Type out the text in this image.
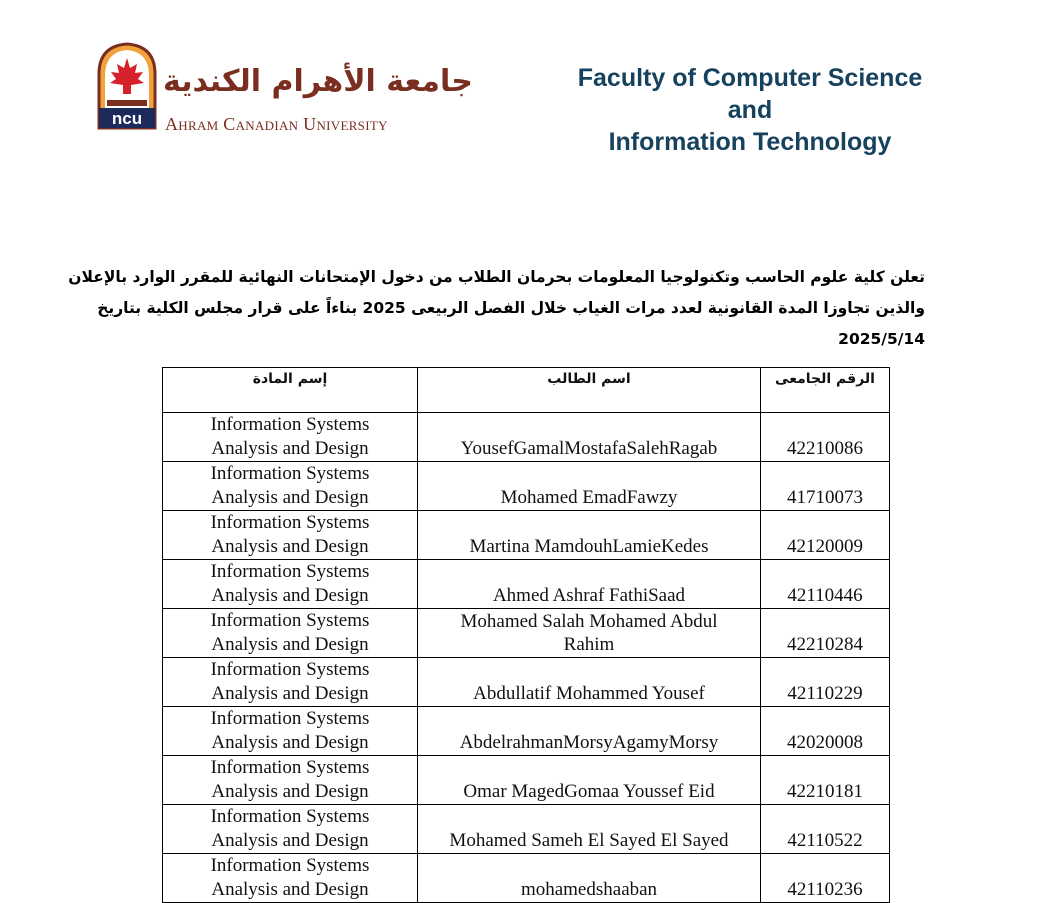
ncu
جامعة الأهرام الكندية
Ahram Canadian University
Faculty of Computer Science
and
Information Technology

تعلن كلية علوم الحاسب وتكنولوجيا المعلومات بحرمان الطلاب من دخول الإمتحانات النهائية للمقرر الوارد بالإعلان

والذين تجاوزا المدة القانونية لعدد مرات الغياب خلال الفصل الربيعى 2025 بناءاً على قرار مجلس الكلية بتاريخ

2025/5/14

إسم المادة	اسم الطالب	الرقم الجامعى

Information Systems
Analysis and Design	YousefGamalMostafaSalehRagab	42210086

Information Systems
Analysis and Design	Mohamed EmadFawzy	41710073

Information Systems
Analysis and Design	Martina MamdouhLamieKedes	42120009

Information Systems
Analysis and Design	Ahmed Ashraf FathiSaad	42110446

Information Systems
Analysis and Design	Mohamed Salah Mohamed Abdul Rahim	42210284

Information Systems
Analysis and Design	Abdullatif Mohammed Yousef	42110229

Information Systems
Analysis and Design	AbdelrahmanMorsyAgamyMorsy	42020008

Information Systems
Analysis and Design	Omar MagedGomaa Youssef Eid	42210181

Information Systems
Analysis and Design	Mohamed Sameh El Sayed El Sayed	42110522

Information Systems
Analysis and Design	mohamedshaaban	42110236
